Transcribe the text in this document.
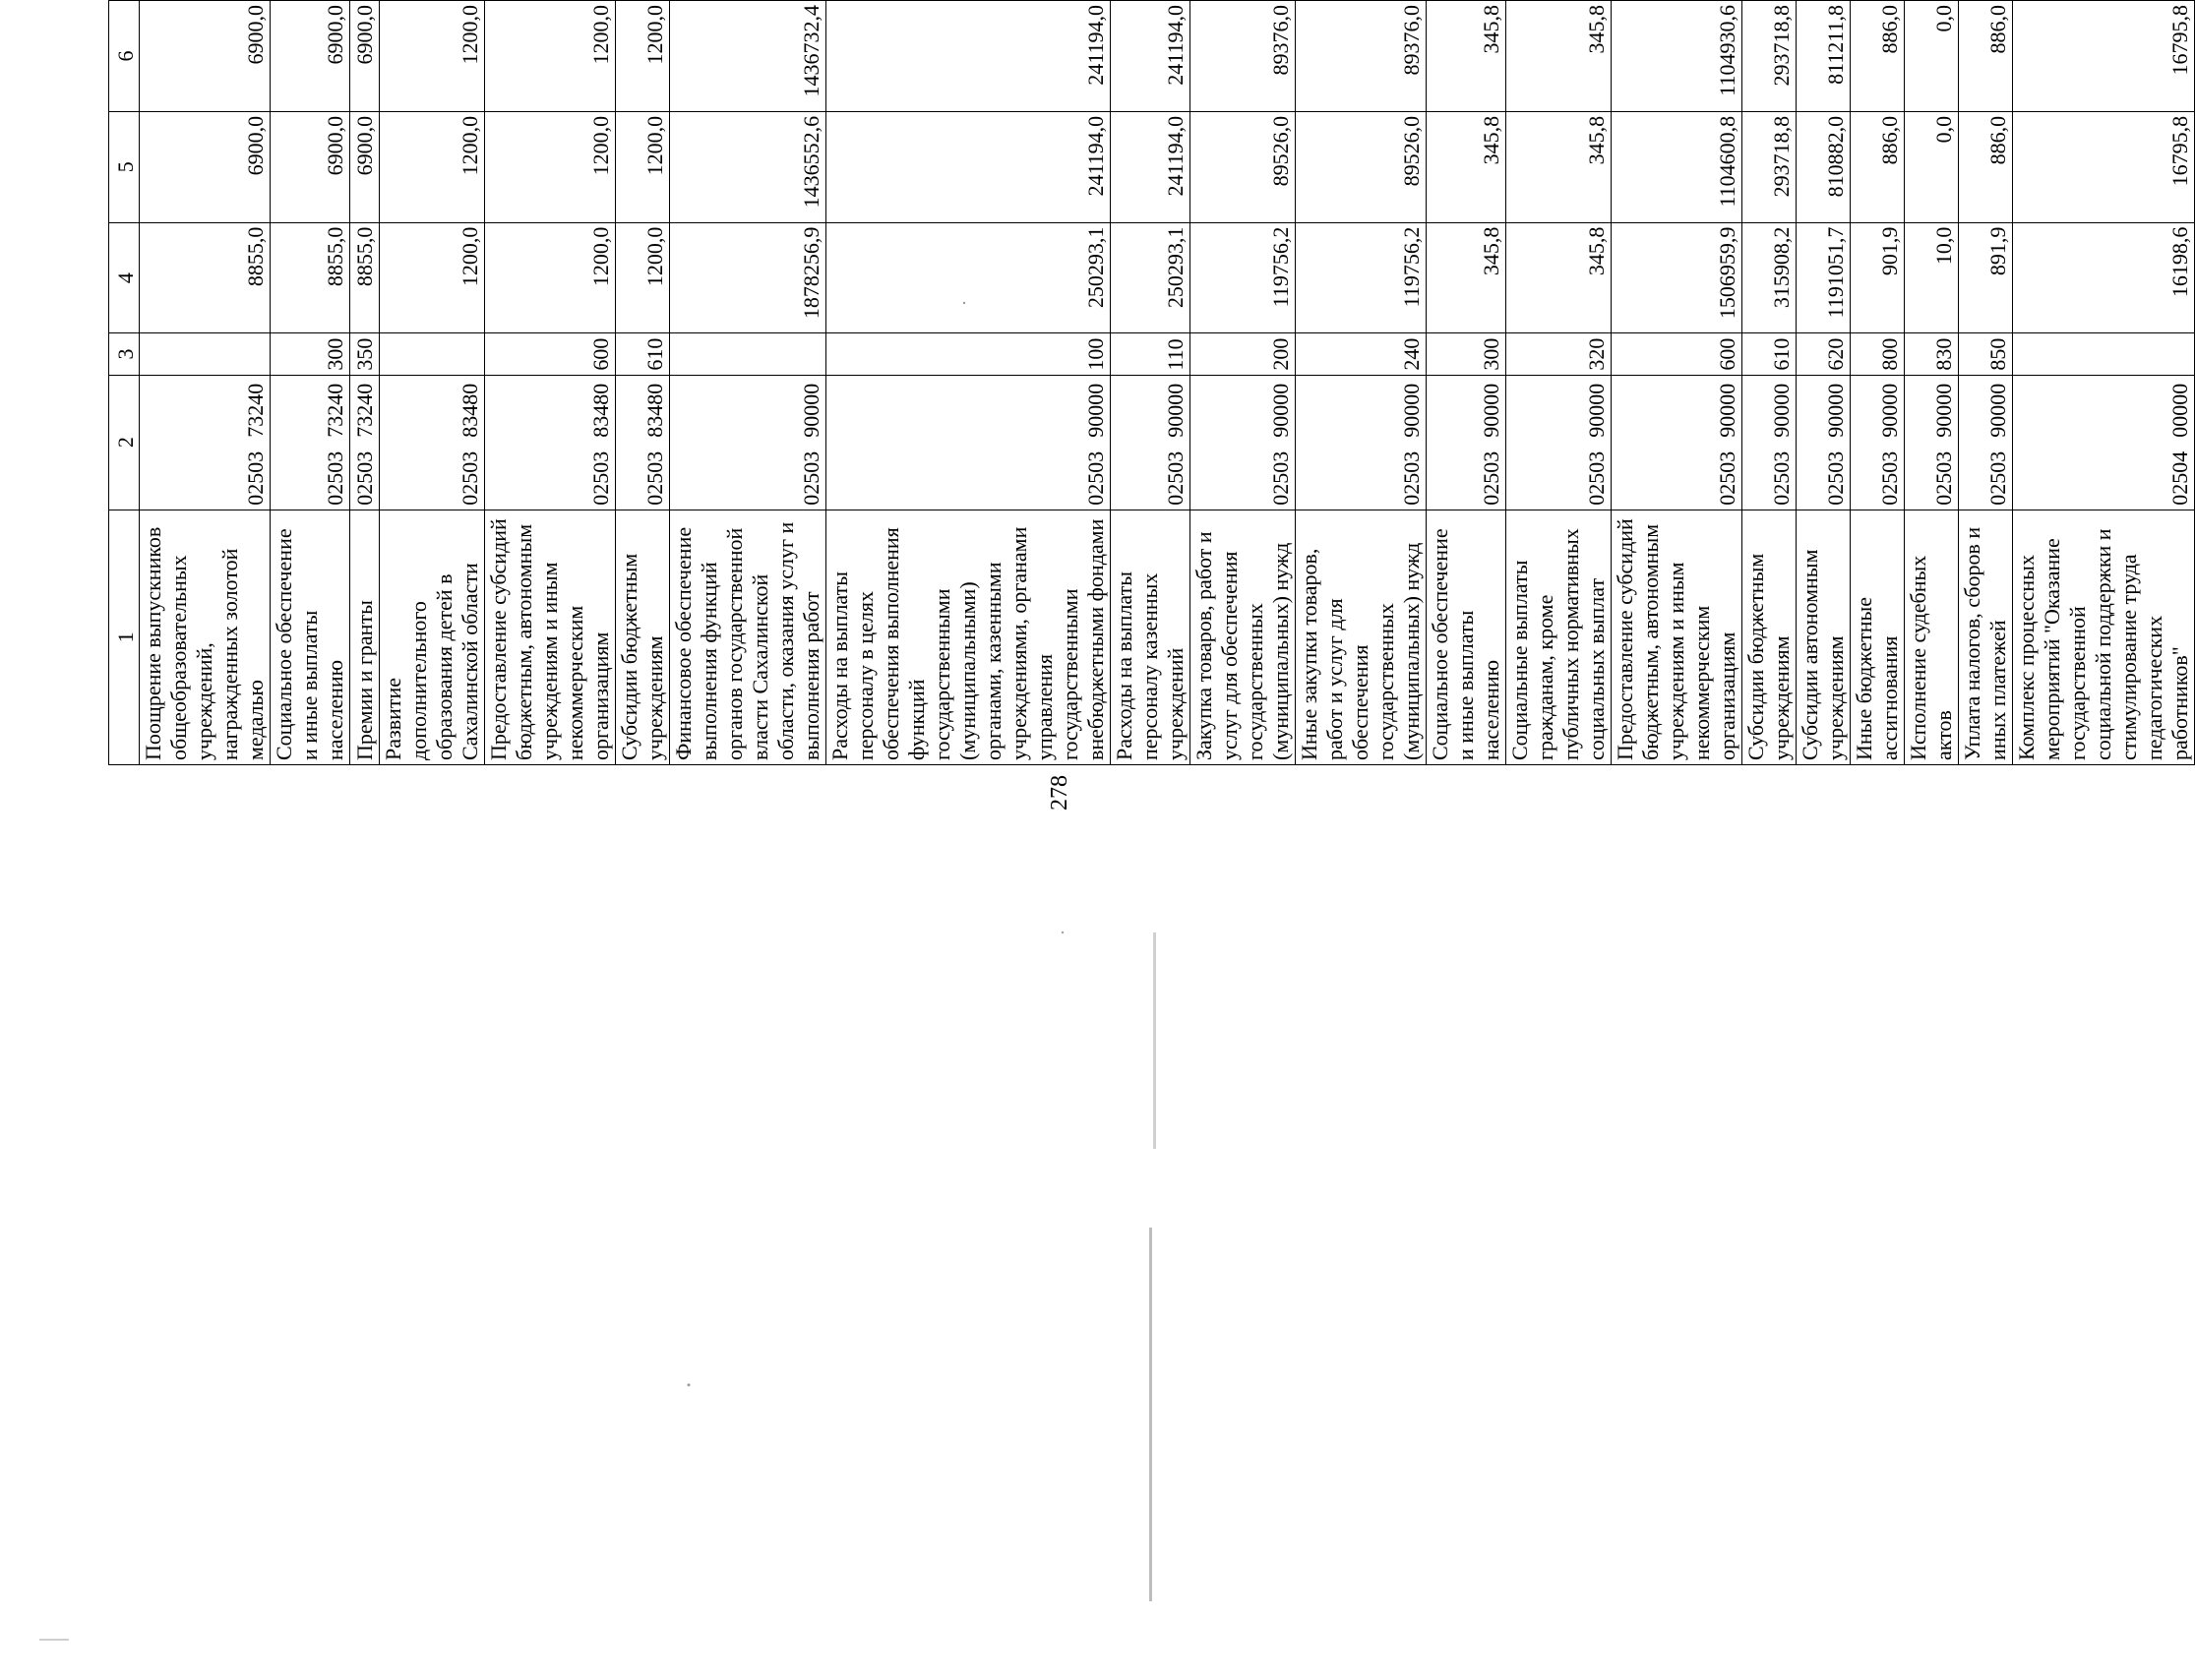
278
1	2	3	4	5	6
Поощрение выпускников общеобразовательных учреждений, награжденных золотой медалью	0250373240		8855,0	6900,0	6900,0
Социальное обеспечение и иные выплаты населению	0250373240	300	8855,0	6900,0	6900,0
Премии и гранты	0250373240	350	8855,0	6900,0	6900,0
Развитие дополнительного образования детей в Сахалинской области	0250383480		1200,0	1200,0	1200,0
Предоставление субсидий бюджетным, автономным учреждениям и иным некоммерческим организациям	0250383480	600	1200,0	1200,0	1200,0
Субсидии бюджетным учреждениям	0250383480	610	1200,0	1200,0	1200,0
Финансовое обеспечение выполнения функций органов государственной власти Сахалинской области, оказания услуг и выполнения работ	0250390000		1878256,9	1436552,6	1436732,4
Расходы на выплаты персоналу в целях обеспечения выполнения функций государственными (муниципальными) органами, казенными учреждениями, органами управления государственными внебюджетными фондами	0250390000	100	250293,1	241194,0	241194,0
Расходы на выплаты персоналу казенных учреждений	0250390000	110	250293,1	241194,0	241194,0
Закупка товаров, работ и услуг для обеспечения государственных (муниципальных) нужд	0250390000	200	119756,2	89526,0	89376,0
Иные закупки товаров, работ и услуг для обеспечения государственных (муниципальных) нужд	0250390000	240	119756,2	89526,0	89376,0
Социальное обеспечение и иные выплаты населению	0250390000	300	345,8	345,8	345,8
Социальные выплаты гражданам, кроме публичных нормативных социальных выплат	0250390000	320	345,8	345,8	345,8
Предоставление субсидий бюджетным, автономным учреждениям и иным некоммерческим организациям	0250390000	600	1506959,9	1104600,8	1104930,6
Субсидии бюджетным учреждениям	0250390000	610	315908,2	293718,8	293718,8
Субсидии автономным учреждениям	0250390000	620	1191051,7	810882,0	811211,8
Иные бюджетные ассигнования	0250390000	800	901,9	886,0	886,0
Исполнение судебных актов	0250390000	830	10,0	0,0	0,0
Уплата налогов, сборов и иных платежей	0250390000	850	891,9	886,0	886,0
Комплекс процессных мероприятий "Оказание государственной социальной поддержки и стимулирование труда педагогических работников"	0250400000		16198,6	16795,8	16795,8
